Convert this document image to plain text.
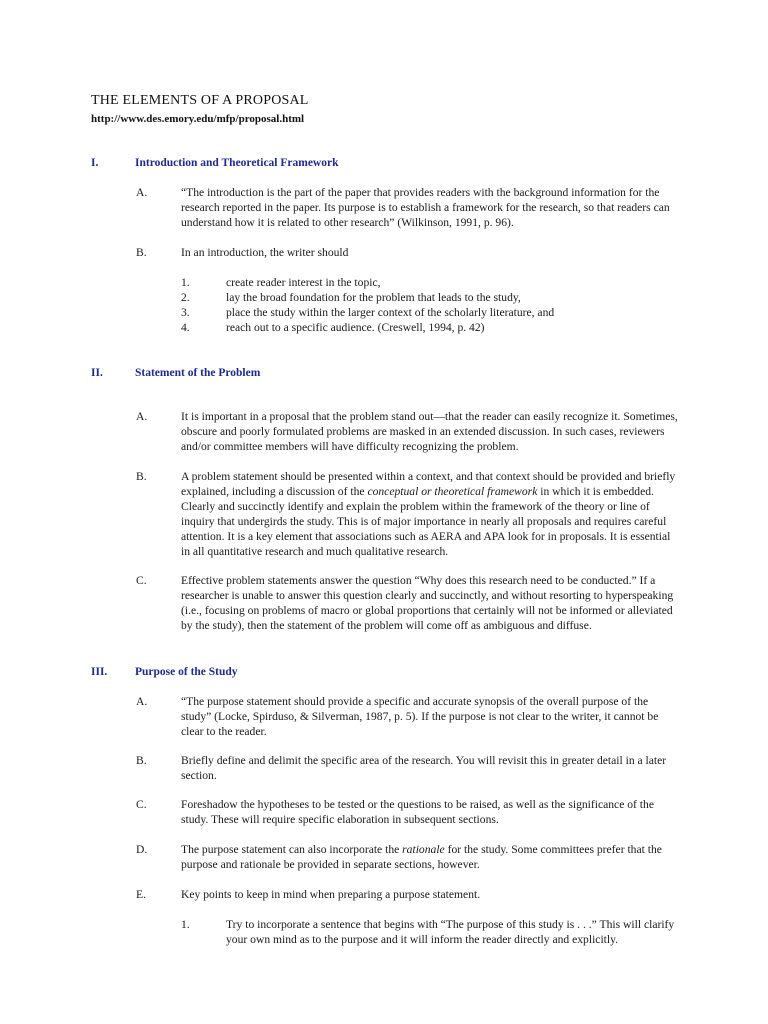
THE ELEMENTS OF A PROPOSAL
http://www.des.emory.edu/mfp/proposal.html
I.	Introduction and Theoretical Framework
A.	“The introduction is the part of the paper that provides readers with the background information for the research reported in the paper. Its purpose is to establish a framework for the research, so that readers can understand how it is related to other research” (Wilkinson, 1991, p. 96).
B.	In an introduction, the writer should
1.	create reader interest in the topic,
2.	lay the broad foundation for the problem that leads to the study,
3.	place the study within the larger context of the scholarly literature, and
4.	reach out to a specific audience. (Creswell, 1994, p. 42)
II.	Statement of the Problem
A.	It is important in a proposal that the problem stand out—that the reader can easily recognize it. Sometimes, obscure and poorly formulated problems are masked in an extended discussion. In such cases, reviewers and/or committee members will have difficulty recognizing the problem.
B.	A problem statement should be presented within a context, and that context should be provided and briefly explained, including a discussion of the conceptual or theoretical framework in which it is embedded. Clearly and succinctly identify and explain the problem within the framework of the theory or line of inquiry that undergirds the study. This is of major importance in nearly all proposals and requires careful attention. It is a key element that associations such as AERA and APA look for in proposals. It is essential in all quantitative research and much qualitative research.
C.	Effective problem statements answer the question “Why does this research need to be conducted.” If a researcher is unable to answer this question clearly and succinctly, and without resorting to hyperspeaking (i.e., focusing on problems of macro or global proportions that certainly will not be informed or alleviated by the study), then the statement of the problem will come off as ambiguous and diffuse.
III. Purpose of the Study
A.	“The purpose statement should provide a specific and accurate synopsis of the overall purpose of the study” (Locke, Spirduso, & Silverman, 1987, p. 5). If the purpose is not clear to the writer, it cannot be clear to the reader.
B.	Briefly define and delimit the specific area of the research. You will revisit this in greater detail in a later section.
C.	Foreshadow the hypotheses to be tested or the questions to be raised, as well as the significance of the study. These will require specific elaboration in subsequent sections.
D.	The purpose statement can also incorporate the rationale for the study. Some committees prefer that the purpose and rationale be provided in separate sections, however.
E.	Key points to keep in mind when preparing a purpose statement.
1.	Try to incorporate a sentence that begins with “The purpose of this study is . . .” This will clarify your own mind as to the purpose and it will inform the reader directly and explicitly.
